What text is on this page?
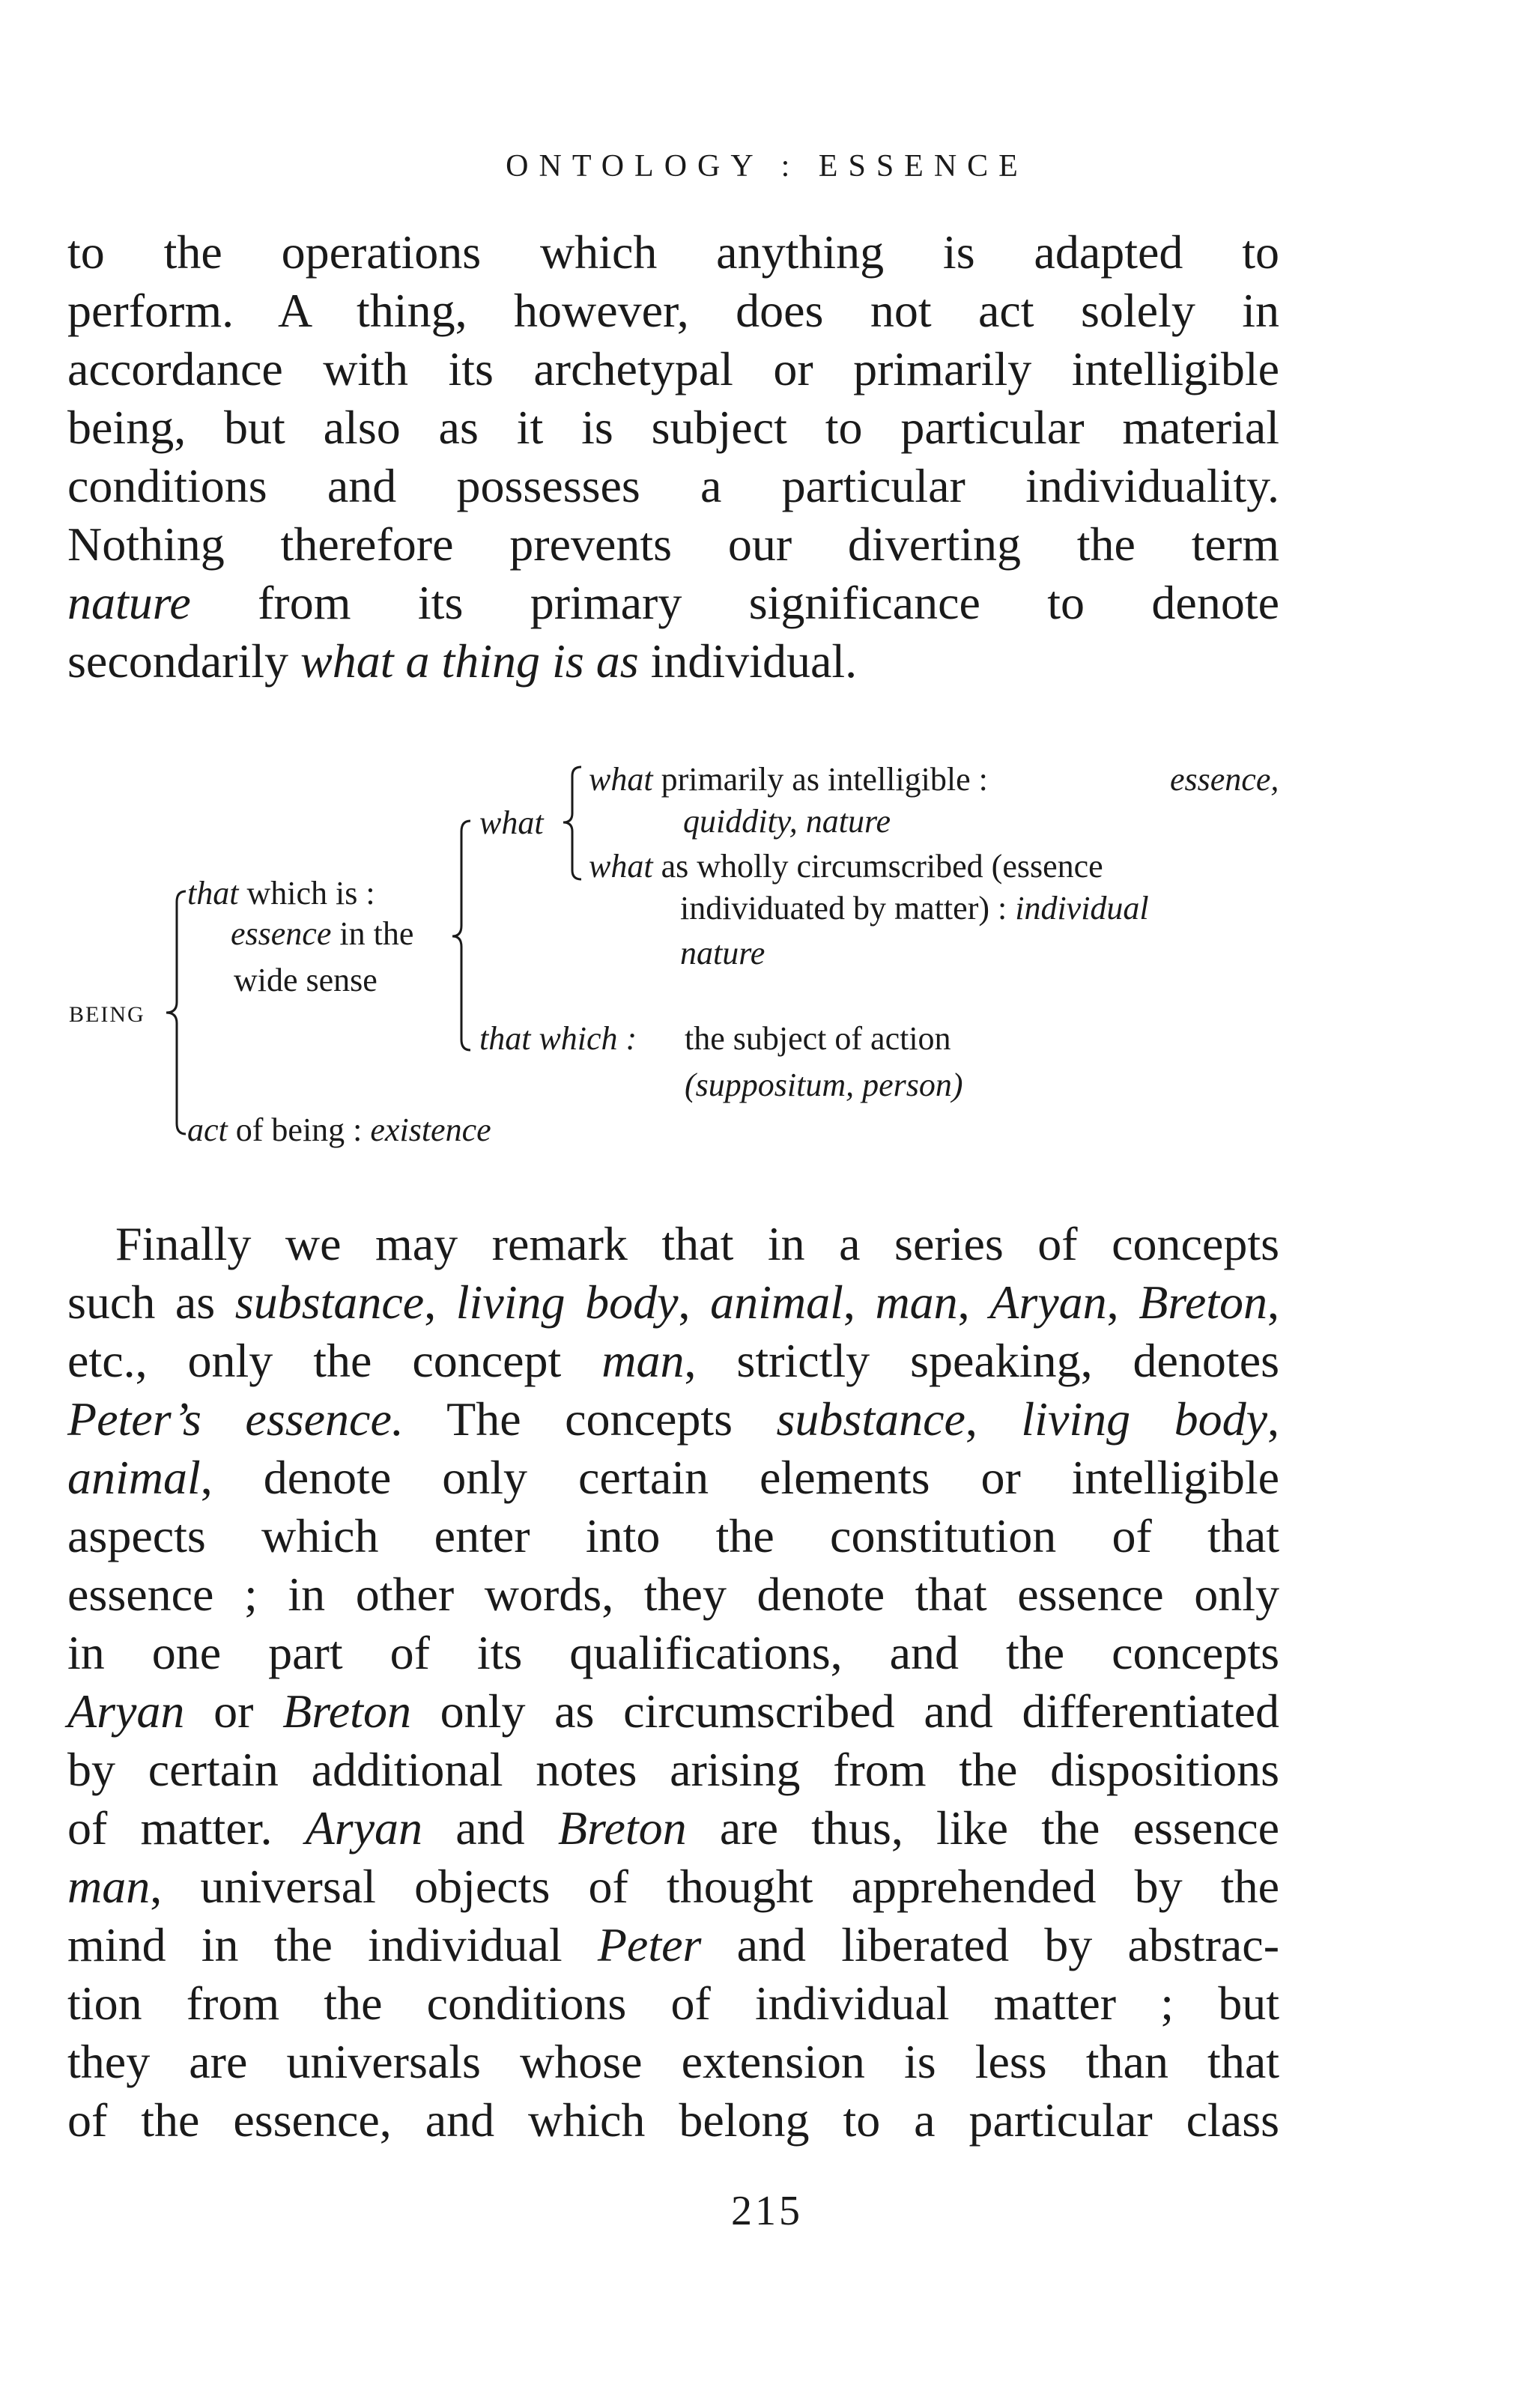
ONTOLOGY : ESSENCE
to the operations which anything is adapted to
perform. A thing, however, does not act solely in
accordance with its archetypal or primarily intelligible
being, but also as it is subject to particular material
conditions and possesses a particular individuality.
Nothing therefore prevents our diverting the term
nature from its primary significance to denote
secondarily what a thing is as individual.
BEING
that which is :
essence in the
wide sense
what
what primarily as intelligible :	essence,
quiddity, nature
what as wholly circumscribed (essence
individuated by matter) : individual
nature
that which : the subject of action
(suppositum, person)
act of being : existence
Finally we may remark that in a series of concepts
such as substance, living body, animal, man, Aryan, Breton,
etc., only the concept man, strictly speaking, denotes
Peter’s essence. The concepts substance, living body,
animal, denote only certain elements or intelligible
aspects which enter into the constitution of that
essence ; in other words, they denote that essence only
in one part of its qualifications, and the concepts
Aryan or Breton only as circumscribed and differentiated
by certain additional notes arising from the dispositions
of matter. Aryan and Breton are thus, like the essence
man, universal objects of thought apprehended by the
mind in the individual Peter and liberated by abstrac-
tion from the conditions of individual matter ; but
they are universals whose extension is less than that
of the essence, and which belong to a particular class
215
